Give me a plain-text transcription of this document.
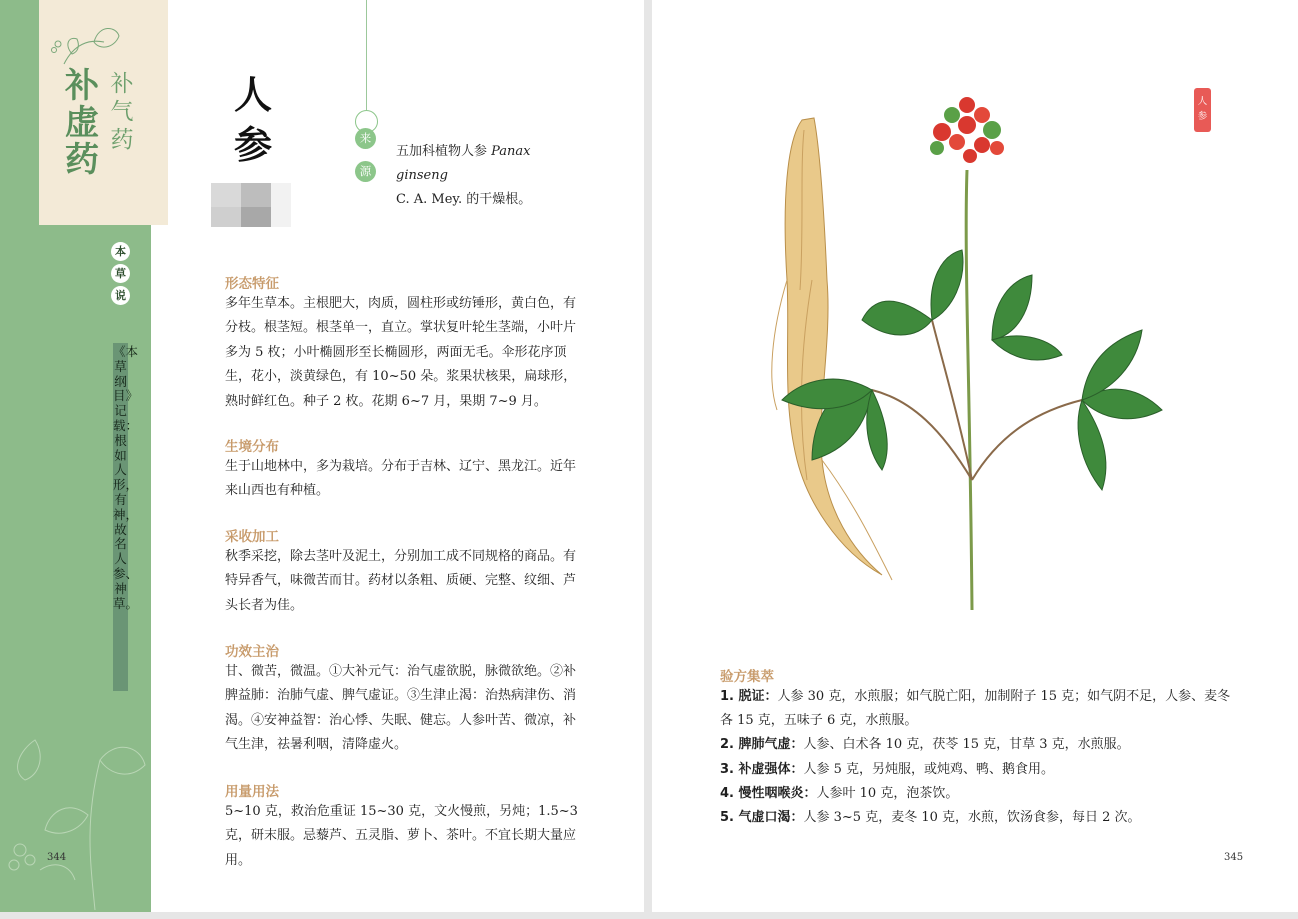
补虚药
补气药
本
草
说
《本草纲目》记载：根如人形，有神，故名人参、神草。
人参	来
源
五加科植物人参 Panax ginseng
C. A. Mey. 的干燥根。
形态特征
多年生草本。主根肥大，肉质，圆柱形或纺锤形，黄白色，有分枝。根茎短。根茎单一，直立。掌状复叶轮生茎端，小叶片多为 5 枚；小叶椭圆形至长椭圆形，两面无毛。伞形花序顶生，花小，淡黄绿色，有 10~50 朵。浆果状核果，扁球形，熟时鲜红色。种子 2 枚。花期 6~7 月，果期 7~9 月。
生境分布
生于山地林中，多为栽培。分布于吉林、辽宁、黑龙江。近年来山西也有种植。
采收加工
秋季采挖，除去茎叶及泥土，分别加工成不同规格的商品。有特异香气，味微苦而甘。药材以条粗、质硬、完整、纹细、芦头长者为佳。
功效主治
甘、微苦，微温。①大补元气：治气虚欲脱，脉微欲绝。②补脾益肺：治肺气虚、脾气虚证。③生津止渴：治热病津伤、消渴。④安神益智：治心悸、失眠、健忘。人参叶苦、微凉，补气生津，祛暑利咽，清降虚火。
用量用法
5~10 克，救治危重证 15~30 克，文火慢煎，另炖；1.5~3 克，研末服。忌藜芦、五灵脂、萝卜、茶叶。不宜长期大量应用。
344
人参
验方集萃
1. 脱证：人参 30 克，水煎服；如气脱亡阳，加制附子 15 克；如气阴不足，人参、麦冬各 15 克，五味子 6 克，水煎服。
2. 脾肺气虚：人参、白术各 10 克，茯苓 15 克，甘草 3 克，水煎服。
3. 补虚强体：人参 5 克，另炖服，或炖鸡、鸭、鹅食用。
4. 慢性咽喉炎：人参叶 10 克，泡茶饮。
5. 气虚口渴：人参 3~5 克，麦冬 10 克，水煎，饮汤食参，每日 2 次。
345
